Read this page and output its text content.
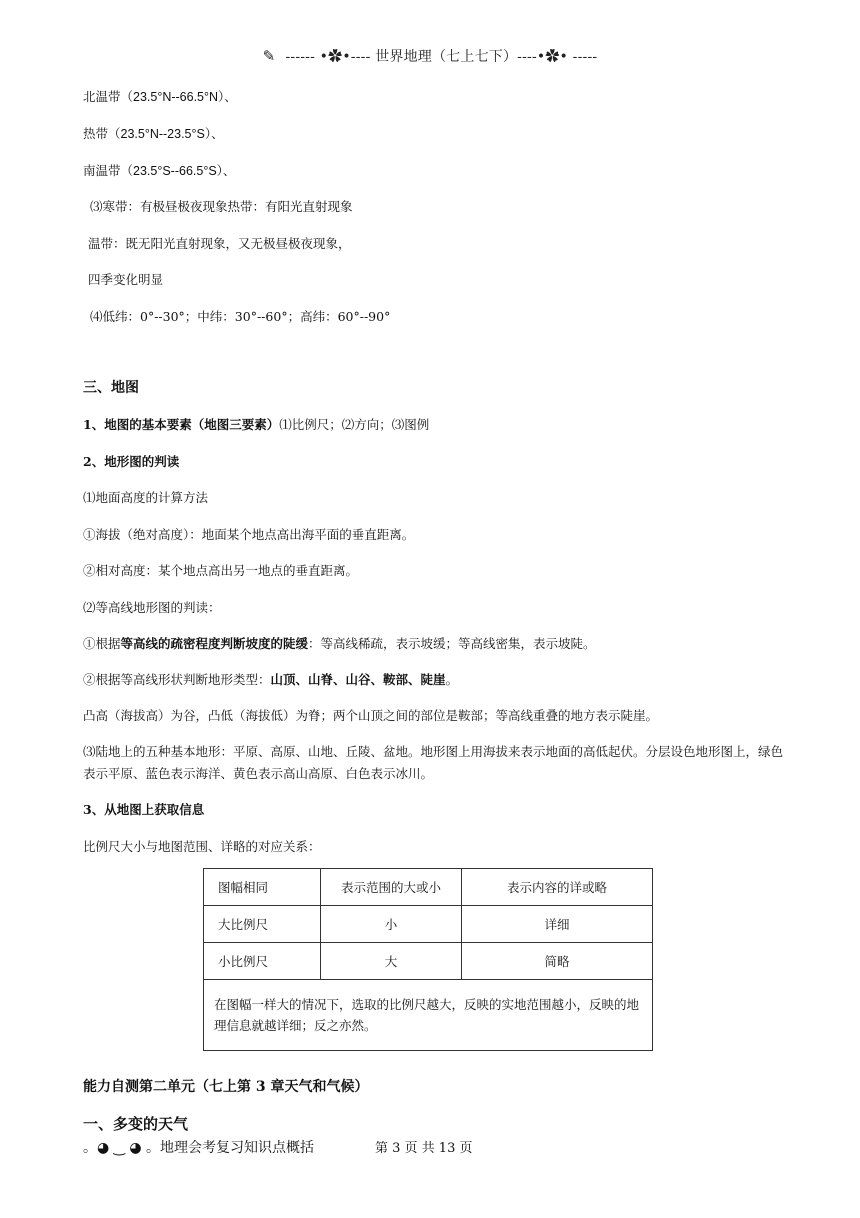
✎ ------ •✿•---- 世界地理（七上七下）----•✿• -----
北温带（23.5°N--66.5°N）、
热带（23.5°N--23.5°S）、
南温带（23.5°S--66.5°S）、
⑶寒带：有极昼极夜现象热带：有阳光直射现象
温带：既无阳光直射现象，又无极昼极夜现象，
四季变化明显
⑷低纬：0°--30°；中纬：30°--60°；高纬：60°--90°
三、地图
1、地图的基本要素（地图三要素）⑴比例尺；⑵方向；⑶图例
2、地形图的判读
⑴地面高度的计算方法
①海拔（绝对高度）：地面某个地点高出海平面的垂直距离。
②相对高度：某个地点高出另一地点的垂直距离。
⑵等高线地形图的判读：
①根据等高线的疏密程度判断坡度的陡缓：等高线稀疏，表示坡缓；等高线密集，表示坡陡。
②根据等高线形状判断地形类型：山顶、山脊、山谷、鞍部、陡崖。
凸高（海拔高）为谷，凸低（海拔低）为脊；两个山顶之间的部位是鞍部；等高线重叠的地方表示陡崖。
⑶陆地上的五种基本地形：平原、高原、山地、丘陵、盆地。地形图上用海拔来表示地面的高低起伏。分层设色地形图上，绿色表示平原、蓝色表示海洋、黄色表示高山高原、白色表示冰川。
3、从地图上获取信息
比例尺大小与地图范围、详略的对应关系：
图幅相同	表示范围的大或小	表示内容的详或略
大比例尺	小	详细
小比例尺	大	简略
在图幅一样大的情况下，选取的比例尺越大，反映的实地范围越小，反映的地理信息就越详细；反之亦然。		
能力自测第二单元（七上第 3 章天气和气候）
一、多变的天气
。◕ ‿ ◕ 。地理会考复习知识点概括	第 3 页 共 13 页
